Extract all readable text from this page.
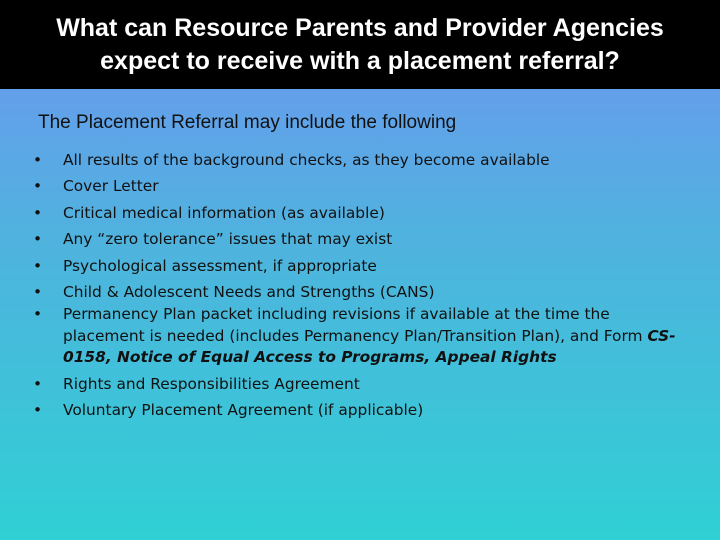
What can Resource Parents and Provider Agencies
expect to receive with a placement referral?

The Placement Referral may include the following

•	All results of the background checks, as they become available
•	Cover Letter
•	Critical medical information (as available)
•	Any “zero tolerance” issues that may exist
•	Psychological assessment, if appropriate
•	Child & Adolescent Needs and Strengths (CANS)
•	Permanency Plan packet including revisions if available at the time the placement is needed (includes Permanency Plan/Transition Plan), and Form CS-0158, Notice of Equal Access to Programs, Appeal Rights
•	Rights and Responsibilities Agreement
•	Voluntary Placement Agreement (if applicable)
